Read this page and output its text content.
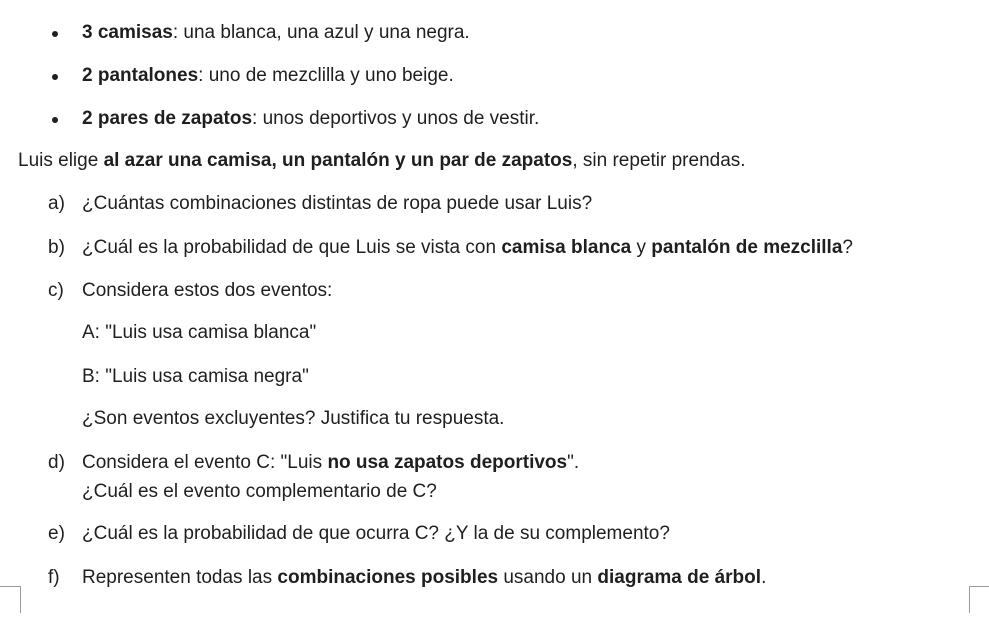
3 camisas: una blanca, una azul y una negra.
2 pantalones: uno de mezclilla y uno beige.
2 pares de zapatos: unos deportivos y unos de vestir.
Luis elige al azar una camisa, un pantalón y un par de zapatos, sin repetir prendas.
a) ¿Cuántas combinaciones distintas de ropa puede usar Luis?
b) ¿Cuál es la probabilidad de que Luis se vista con camisa blanca y pantalón de mezclilla?
c) Considera estos dos eventos:
A: "Luis usa camisa blanca"
B: "Luis usa camisa negra"
¿Son eventos excluyentes? Justifica tu respuesta.
d) Considera el evento C: "Luis no usa zapatos deportivos".
¿Cuál es el evento complementario de C?
e) ¿Cuál es la probabilidad de que ocurra C? ¿Y la de su complemento?
f) Representen todas las combinaciones posibles usando un diagrama de árbol.
